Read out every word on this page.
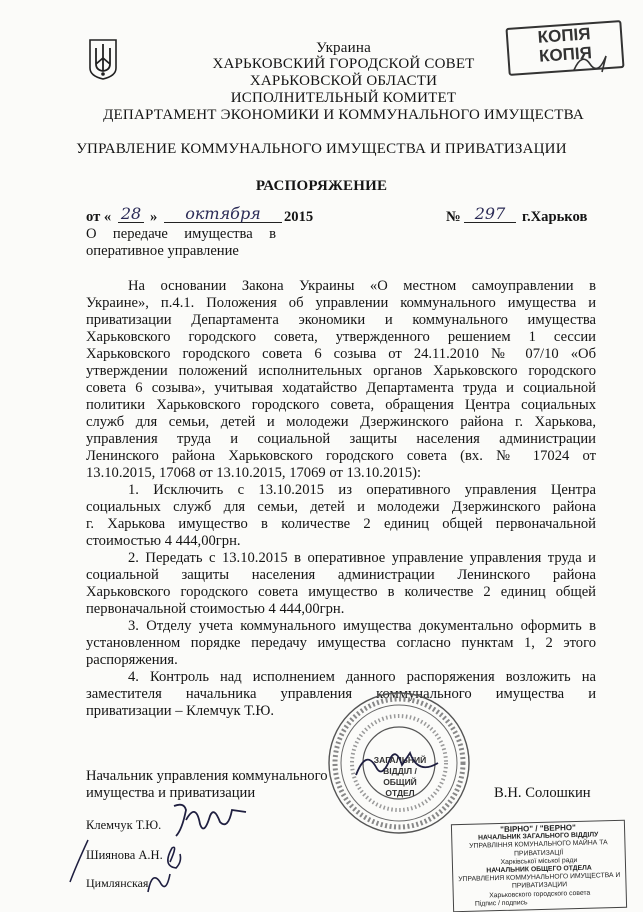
КОПІЯ
КОПІЯ
Украина
ХАРЬКОВСКИЙ ГОРОДСКОЙ СОВЕТ
ХАРЬКОВСКОЙ ОБЛАСТИ
ИСПОЛНИТЕЛЬНЫЙ КОМИТЕТ
ДЕПАРТАМЕНТ ЭКОНОМИКИ И КОММУНАЛЬНОГО ИМУЩЕСТВА
УПРАВЛЕНИЕ КОММУНАЛЬНОГО ИМУЩЕСТВА И ПРИВАТИЗАЦИИ
РАСПОРЯЖЕНИЕ
от « 28 »	октября	2015	№ 297	г.Харьков
О передаче имущества в
оперативное управление
На основании Закона Украины «О местном самоуправлении в
Украине», п.4.1. Положения об управлении коммунального имущества и
приватизации Департамента экономики и коммунального имущества
Харьковского городского совета, утвержденного решением 1 сессии
Харьковского городского совета 6 созыва от 24.11.2010 № 07/10 «Об
утверждении положений исполнительных органов Харьковского городского
совета 6 созыва», учитывая ходатайство Департамента труда и социальной
политики Харьковского городского совета, обращения Центра социальных
служб для семьи, детей и молодежи Дзержинского района г. Харькова,
управления труда и социальной защиты населения администрации
Ленинского района Харьковского городского совета (вх. № 17024 от
13.10.2015, 17068 от 13.10.2015, 17069 от 13.10.2015):
1. Исключить с 13.10.2015 из оперативного управления Центра
социальных служб для семьи, детей и молодежи Дзержинского района
г. Харькова имущество в количестве 2 единиц общей первоначальной
стоимостью 4 444,00грн.
2. Передать с 13.10.2015 в оперативное управление управления труда и
социальной защиты населения администрации Ленинского района
Харьковского городского совета имущество в количестве 2 единиц общей
первоначальной стоимостью 4 444,00грн.
3. Отделу учета коммунального имущества документально оформить в
установленном порядке передачу имущества согласно пунктам 1, 2 этого
распоряжения.
4. Контроль над исполнением данного распоряжения возложить на
заместителя начальника управления коммунального имущества и
приватизации – Клемчук Т.Ю.
Начальник управления коммунального
имущества и приватизации	В.Н. Солошкин
ЗАГАЛЬНИЙ
ВІДДІЛ /
ОБЩИЙ ОТДЕЛ
Клемчук Т.Ю.
Шиянова А.Н.
Цимлянская
"ВІРНО" / "ВЕРНО"
НАЧАЛЬНИК ЗАГАЛЬНОГО ВІДДІЛУ
УПРАВЛІННЯ КОМУНАЛЬНОГО МАЙНА ТА ПРИВАТИЗАЦІЇ
Харківської міської ради
НАЧАЛЬНИК ОБЩЕГО ОТДЕЛА
УПРАВЛЕНИЯ КОММУНАЛЬНОГО ИМУЩЕСТВА И ПРИВАТИЗАЦИИ
Харьковского городского совета
Підпис / подпись
